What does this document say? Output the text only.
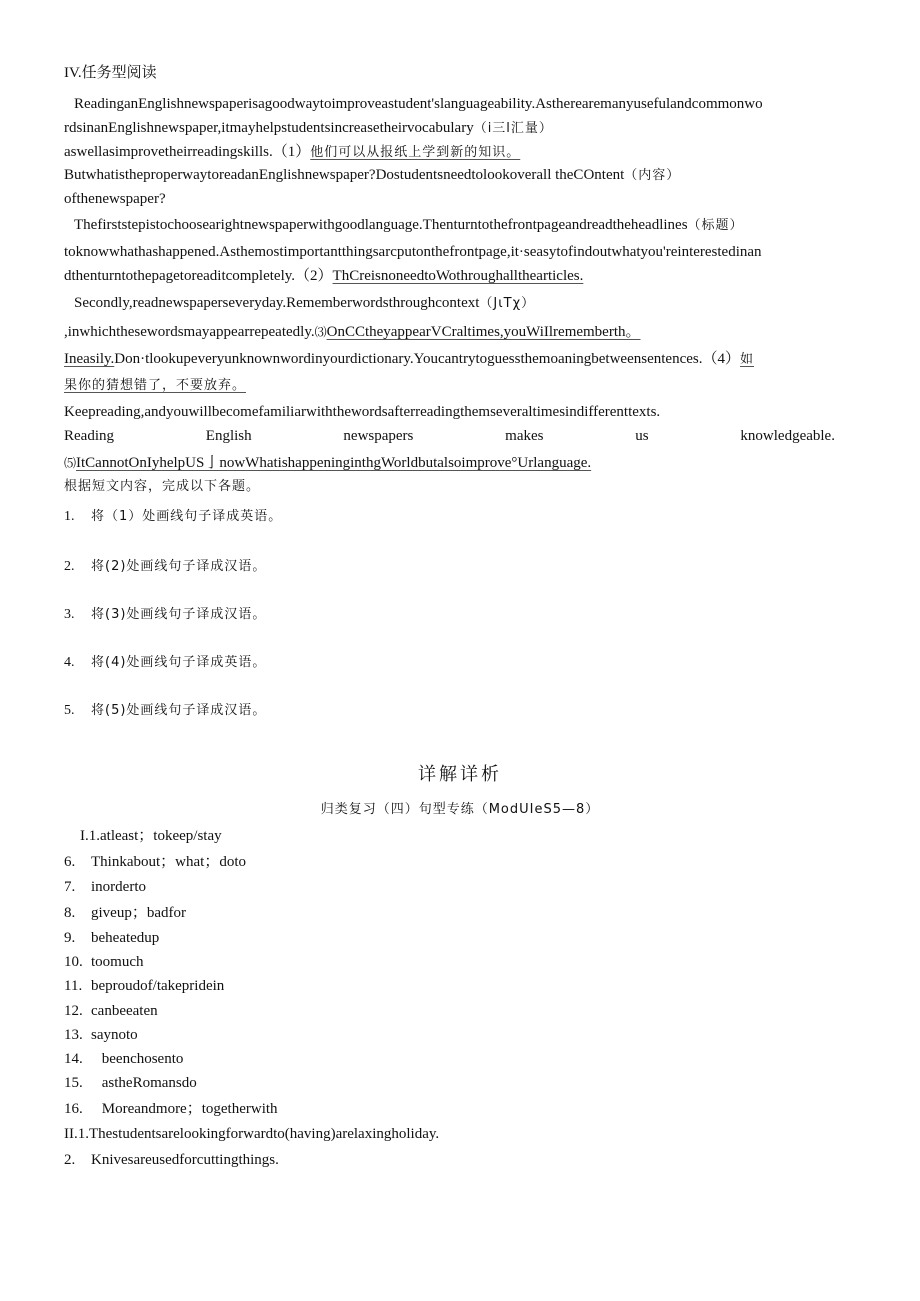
IV.任务型阅读
ReadinganEnglishnewspaperisagoodwaytoimproveastudent'slanguageability.Astherearemanyusefulandcommonwo
rdsinanEnglishnewspaper,itmayhelpstudentsincreasetheirvocabulary（i三l汇量）
aswellasimprovetheirreadingskills.（1）他们可以从报纸上学到新的知识。
ButwhatistheproperwaytoreadanEnglishnewspaper?Dostudentsneedtolookoverall theCOntent（内容）
ofthenewspaper?
Thefirststepistochoosearightnewspaperwithgoodlanguage.Thenturntothefrontpageandreadtheheadlines（标题）
toknowwhathashappened.Asthemostimportantthingsarcputonthefrontpage,it·seasytofindoutwhatyou'reinterestedinan
dthenturntothepagetoreaditcompletely.（2）ThCreisnoneedtoWothroughallthearticles.
Secondly,readnewspaperseveryday.Rememberwordsthroughcontext（JιTχ）
,inwhichthesewordsmayappearrepeatedly.⑶OnCCtheyappearVCraltimes,youWiIlrememberth。
Ineasily.Don·tlookupeveryunknownwordinyourdictionary.Youcantrytoguessthemoaningbetweensentences.（4）如
果你的猜想错了，不要放弃。
Keepreading,andyouwillbecomefamiliarwiththewordsafterreadingthemseveraltimesindifferenttexts.
Reading	English	newspapers	makes	us	knowledgeable.
⑸ItCannotOnIyhelpUS亅nowWhatishappeninginthgWorldbutalsoimprove°Urlanguage.
根据短文内容，完成以下各题。
1. 将（1）处画线句子译成英语。
2. 将(2)处画线句子译成汉语。
3. 将(3)处画线句子译成汉语。
4. 将(4)处画线句子译成英语。
5. 将(5)处画线句子译成汉语。
详解详析
归类复习（四）句型专练（ModUIeS5—8）
I.1.atleast；tokeep/stay
6. Thinkabout；what；doto
7. inorderto
8. giveup；badfor
9. beheatedup
10. toomuch
11. beproudof/takepridein
12. canbeeaten
13. saynoto
14. beenchosento
15. astheRomansdo
16. Moreandmore；togetherwith
II.1.Thestudentsarelookingforwardto(having)arelaxingholiday.
2. Knivesareusedforcuttingthings.
